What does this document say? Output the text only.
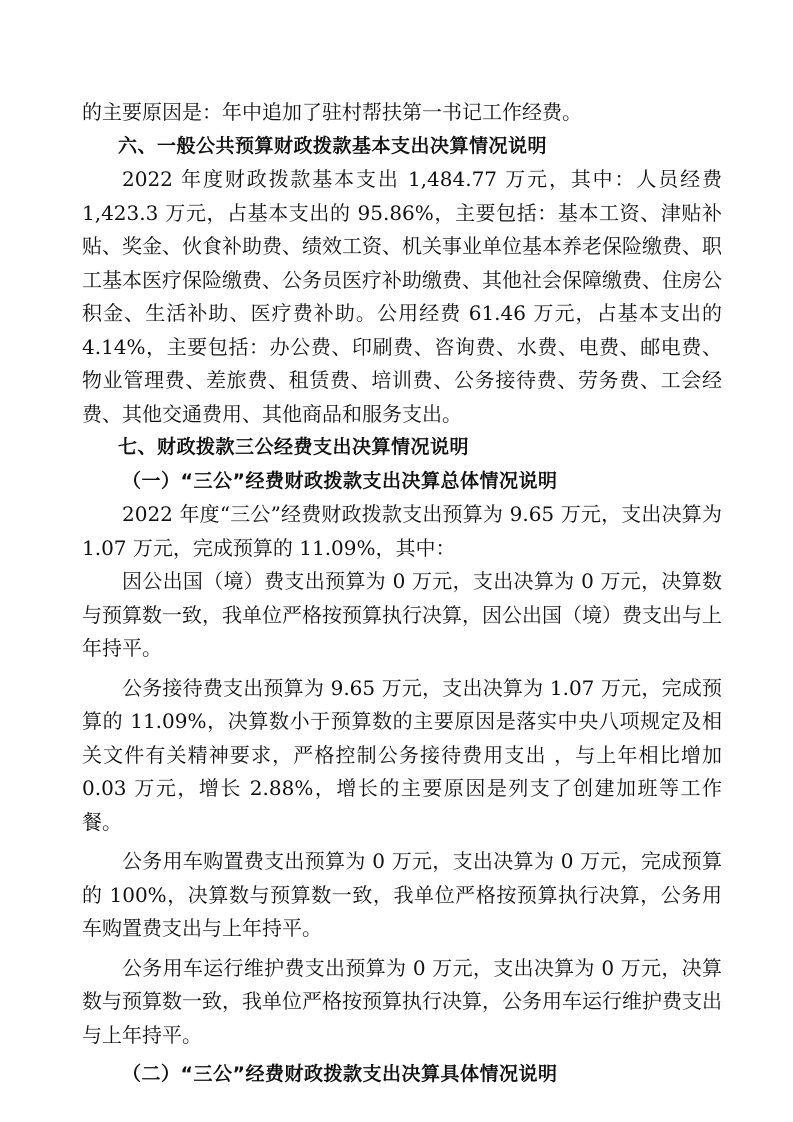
的主要原因是：年中追加了驻村帮扶第一书记工作经费。

六、一般公共预算财政拨款基本支出决算情况说明

2022 年度财政拨款基本支出 1,484.77 万元，其中：人员经费 1,423.3 万元，占基本支出的 95.86%，主要包括：基本工资、津贴补贴、奖金、伙食补助费、绩效工资、机关事业单位基本养老保险缴费、职工基本医疗保险缴费、公务员医疗补助缴费、其他社会保障缴费、住房公积金、生活补助、医疗费补助。公用经费 61.46 万元，占基本支出的 4.14%，主要包括：办公费、印刷费、咨询费、水费、电费、邮电费、物业管理费、差旅费、租赁费、培训费、公务接待费、劳务费、工会经费、其他交通费用、其他商品和服务支出。

七、财政拨款三公经费支出决算情况说明
（一）“三公”经费财政拨款支出决算总体情况说明

2022 年度“三公”经费财政拨款支出预算为 9.65 万元，支出决算为 1.07 万元，完成预算的 11.09%，其中：

因公出国（境）费支出预算为 0 万元，支出决算为 0 万元，决算数与预算数一致，我单位严格按预算执行决算，因公出国（境）费支出与上年持平。

公务接待费支出预算为 9.65 万元，支出决算为 1.07 万元，完成预算的 11.09%，决算数小于预算数的主要原因是落实中央八项规定及相关文件有关精神要求，严格控制公务接待费用支出 ，与上年相比增加 0.03 万元，增长 2.88%，增长的主要原因是列支了创建加班等工作餐。

公务用车购置费支出预算为 0 万元，支出决算为 0 万元，完成预算的 100%，决算数与预算数一致，我单位严格按预算执行决算，公务用车购置费支出与上年持平。

公务用车运行维护费支出预算为 0 万元，支出决算为 0 万元，决算数与预算数一致，我单位严格按预算执行决算，公务用车运行维护费支出与上年持平。

（二）“三公”经费财政拨款支出决算具体情况说明
